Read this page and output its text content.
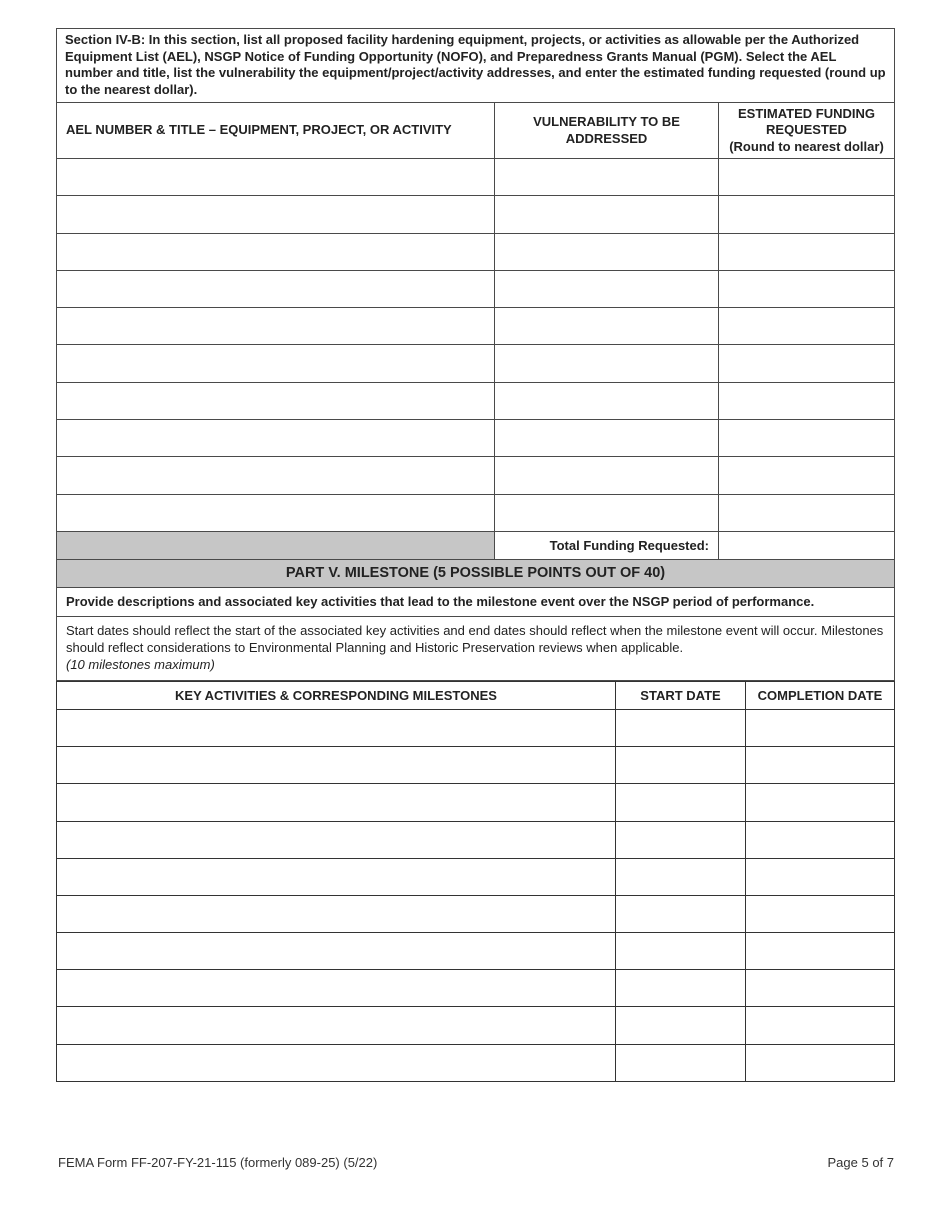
Section IV-B: In this section, list all proposed facility hardening equipment, projects, or activities as allowable per the Authorized Equipment List (AEL), NSGP Notice of Funding Opportunity (NOFO), and Preparedness Grants Manual (PGM). Select the AEL number and title, list the vulnerability the equipment/project/activity addresses, and enter the estimated funding requested (round up to the nearest dollar).		
AEL NUMBER & TITLE – EQUIPMENT, PROJECT, OR ACTIVITY	VULNERABILITY TO BE ADDRESSED	ESTIMATED FUNDING REQUESTED
(Round to nearest dollar)

	Total Funding Requested:	
PART V. MILESTONE (5 POSSIBLE POINTS OUT OF 40)		
Provide descriptions and associated key activities that lead to the milestone event over the NSGP period of performance.		
Start dates should reflect the start of the associated key activities and end dates should reflect when the milestone event will occur. Milestones should reflect considerations to Environmental Planning and Historic Preservation reviews when applicable.
(10 milestones maximum)		
KEY ACTIVITIES & CORRESPONDING MILESTONES	START DATE	COMPLETION DATE

FEMA Form FF-207-FY-21-115 (formerly 089-25) (5/22)	Page 5 of 7
